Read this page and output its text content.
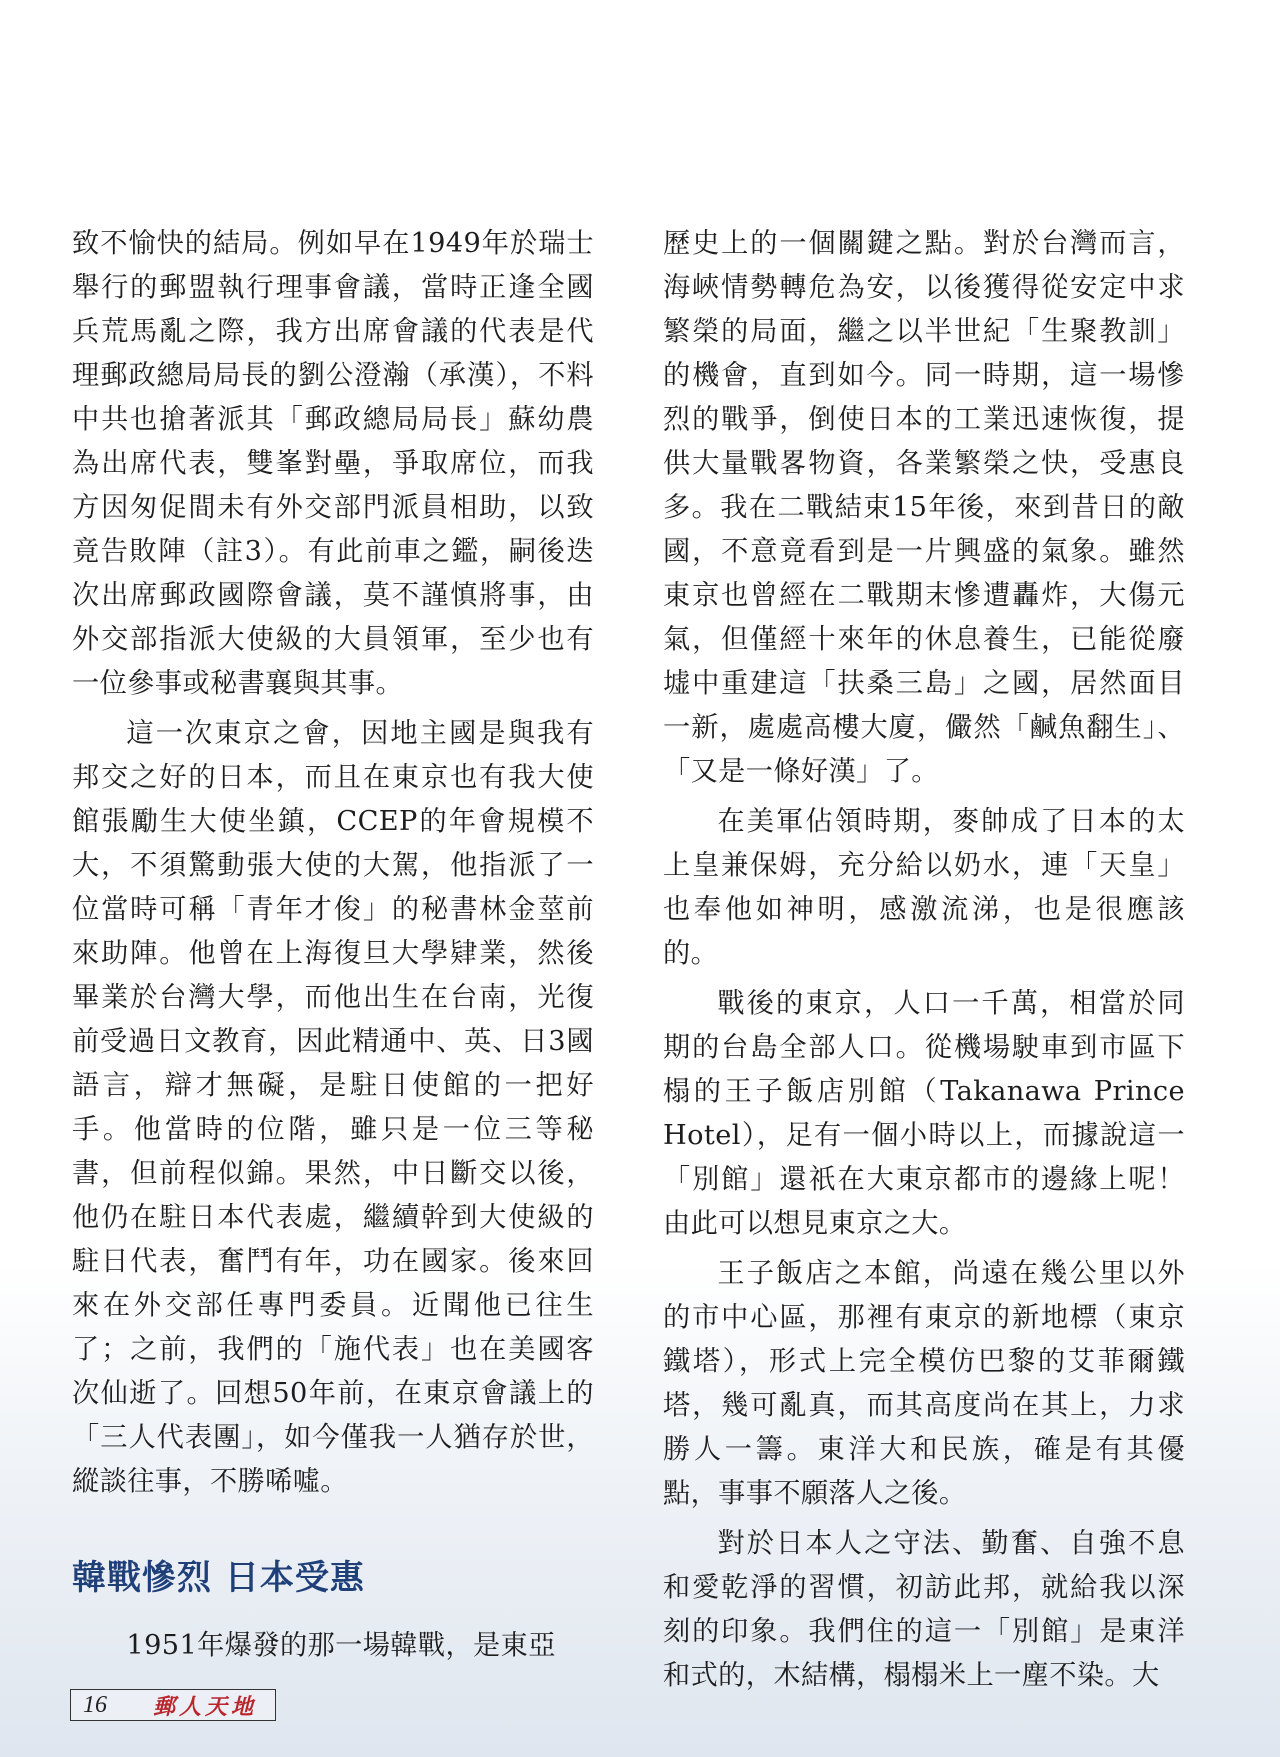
致不愉快的結局。例如早在1949年於瑞士舉行的郵盟執行理事會議，當時正逢全國兵荒馬亂之際，我方出席會議的代表是代理郵政總局局長的劉公澄瀚（承漢），不料中共也搶著派其「郵政總局局長」蘇幼農為出席代表，雙峯對壘，爭取席位，而我方因匆促間未有外交部門派員相助，以致竟告敗陣（註3）。有此前車之鑑，嗣後迭次出席郵政國際會議，莫不謹慎將事，由外交部指派大使級的大員領軍，至少也有一位參事或秘書襄與其事。

這一次東京之會，因地主國是與我有邦交之好的日本，而且在東京也有我大使館張勵生大使坐鎮，CCEP的年會規模不大，不須驚動張大使的大駕，他指派了一位當時可稱「青年才俊」的秘書林金莖前來助陣。他曾在上海復旦大學肄業，然後畢業於台灣大學，而他出生在台南，光復前受過日文教育，因此精通中、英、日3國語言，辯才無礙，是駐日使館的一把好手。他當時的位階，雖只是一位三等秘書，但前程似錦。果然，中日斷交以後，他仍在駐日本代表處，繼續幹到大使級的駐日代表，奮鬥有年，功在國家。後來回來在外交部任專門委員。近聞他已往生了；之前，我們的「施代表」也在美國客次仙逝了。回想50年前，在東京會議上的「三人代表團」，如今僅我一人猶存於世，縱談往事，不勝唏噓。

韓戰慘烈 日本受惠

1951年爆發的那一場韓戰，是東亞

歷史上的一個關鍵之點。對於台灣而言，海峽情勢轉危為安，以後獲得從安定中求繁榮的局面，繼之以半世紀「生聚教訓」的機會，直到如今。同一時期，這一場慘烈的戰爭，倒使日本的工業迅速恢復，提供大量戰畧物資，各業繁榮之快，受惠良多。我在二戰結束15年後，來到昔日的敵國，不意竟看到是一片興盛的氣象。雖然東京也曾經在二戰期末慘遭轟炸，大傷元氣，但僅經十來年的休息養生，已能從廢墟中重建這「扶桑三島」之國，居然面目一新，處處高樓大廈，儼然「鹹魚翻生」、「又是一條好漢」了。

在美軍佔領時期，麥帥成了日本的太上皇兼保姆，充分給以奶水，連「天皇」也奉他如神明，感激流涕，也是很應該的。

戰後的東京，人口一千萬，相當於同期的台島全部人口。從機場駛車到市區下榻的王子飯店別館（Takanawa Prince Hotel），足有一個小時以上，而據說這一「別館」還祇在大東京都市的邊緣上呢！由此可以想見東京之大。

王子飯店之本館，尚遠在幾公里以外的市中心區，那裡有東京的新地標（東京鐵塔），形式上完全模仿巴黎的艾菲爾鐵塔，幾可亂真，而其高度尚在其上，力求勝人一籌。東洋大和民族，確是有其優點，事事不願落人之後。

對於日本人之守法、勤奮、自強不息和愛乾淨的習慣，初訪此邦，就給我以深刻的印象。我們住的這一「別館」是東洋和式的，木結構，榻榻米上一塵不染。大

16	郵人天地
